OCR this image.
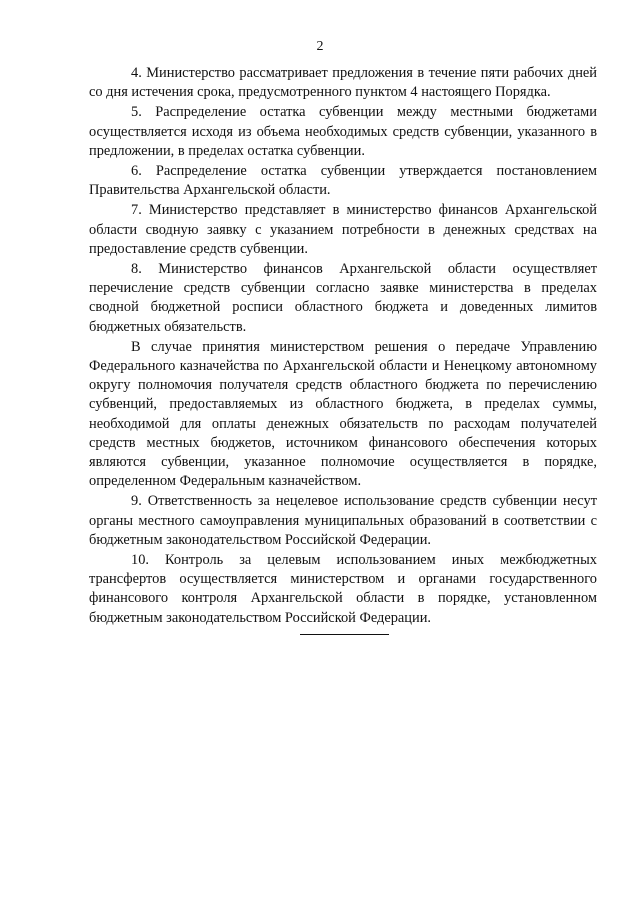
2

4. Министерство рассматривает предложения в течение пяти рабочих дней со дня истечения срока, предусмотренного пунктом 4 настоящего Порядка.

5. Распределение остатка субвенции между местными бюджетами осуществляется исходя из объема необходимых средств субвенции, указанного в предложении, в пределах остатка субвенции.

6. Распределение остатка субвенции утверждается постановлением Правительства Архангельской области.

7. Министерство представляет в министерство финансов Архангельской области сводную заявку с указанием потребности в денежных средствах на предоставление средств субвенции.

8. Министерство финансов Архангельской области осуществляет перечисление средств субвенции согласно заявке министерства в пределах сводной бюджетной росписи областного бюджета и доведенных лимитов бюджетных обязательств.

В случае принятия министерством решения о передаче Управлению Федерального казначейства по Архангельской области и Ненецкому автономному округу полномочия получателя средств областного бюджета по перечислению субвенций, предоставляемых из областного бюджета, в пределах суммы, необходимой для оплаты денежных обязательств по расходам получателей средств местных бюджетов, источником финансового обеспечения которых являются субвенции, указанное полномочие осуществляется в порядке, определенном Федеральным казначейством.

9. Ответственность за нецелевое использование средств субвенции несут органы местного самоуправления муниципальных образований в соответствии с бюджетным законодательством Российской Федерации.

10. Контроль за целевым использованием иных межбюджетных трансфертов осуществляется министерством и органами государственного финансового контроля Архангельской области в порядке, установленном бюджетным законодательством Российской Федерации.
